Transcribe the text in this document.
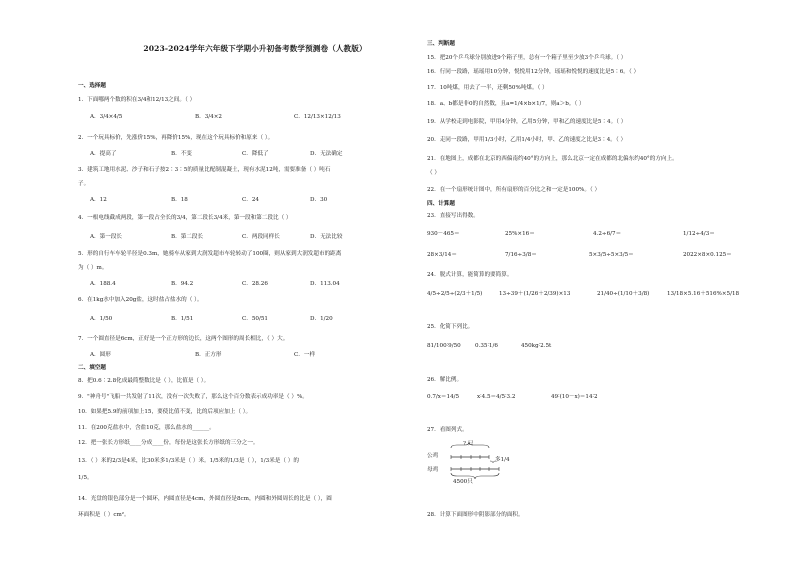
2023-2024学年六年级下学期小升初备考数学预测卷（人教版）
一、选择题
1．下面哪两个数的积在3/4和12/13之间。（ ）
A．3/4×4/5	B．3/4×2	C．12/13×12/13
2．一个玩具标价，先涨价15%，再降价15%，现在这个玩具标价和原来（ ）。
A．提高了	B．不变	C．降低了	D．无法确定
3．建筑工地用水泥、沙子和石子按2∶3∶5的质量比配制混凝土，现有水泥12吨，需要准备（ ）吨石
子。
A．12	B．18	C．24	D．30
4．一根电线截成两段，第一段占全长的3/4，第二段长3/4米，第一段和第二段比（ ）
A．第一段长	B．第二段长	C．两段同样长	D．无法比较
5．形的自行车车轮半径是0.3m，她骑车从家到大润发超市车轮转动了100圈，则从家到大润发超市的距离
为（ ）m。
A．188.4	B．94.2	C．28.26	D．113.04
6．在1kg水中加入20g盐，这时盐占盐水的（ ）。
A．1/50	B．1/51	C．50/51	D．1/20
7．一个圆直径是6cm，正好是一个正方形的边长，这两个图形的周长相比，（ ）大。
A．圆形	B．正方形	C．一样
二、填空题
8．把0.6∶2.8化成最简整数比是（ ），比值是（ ）。
9．"神舟号"飞船一共发射了11次，没有一次失败了，那么这个百分数表示成功率是（ ）%。
10．如果把5.9的前项加上15，要使比值不变，比的后项应加上（ ）。
11．在200克盐水中，含盐10克，那么盐水的______。
12．把一张长方形纸____分成____份，每份是这张长方形纸的三分之一。
13．（ ）米的2/3是4米，比30米多1/3米是（ ）米。1/5米的1/3是（ ），1/3米是（ ）的
1/5。
14．光盘的银色部分是一个圆环，内圆直径是4cm，外圆直径是8cm，内圆和外圆周长的比是（ ），圆
环面积是（ ）cm²。
三、判断题
15．把20个乒乓球分别放进9个箱子里，总有一个箱子里至少放3个乒乓球。（ ）
16．行同一段路，瑶瑶用10分钟，悦悦用12分钟，瑶瑶和悦悦的速度比是5∶6。（ ）
17．10吨煤，用去了一半，还剩50%吨煤。（ ）
18．a、b都是非0的自然数，且a=1/4×b×1/7，则a＞b。（ ）
19．从学校走到电影院，甲用4分钟，乙用5分钟，甲和乙的速度比是5∶4。（ ）
20．走同一段路，甲用1/3小时，乙用1/4小时，甲、乙的速度之比是3∶4。（ ）
21．在地图上，成都在北京的西偏南约40°的方向上，那么北京一定在成都的北偏东约40°的方向上。
（ ）
22．在一个扇形统计图中，所有扇形的百分比之和一定是100%。（ ）
四、计算题
23．直接写出得数。
930－465＝	25%×16＝	4.2÷6/7＝	1/12÷4/3＝
28×3/14＝	7/16÷3/8＝	5×3/5÷5×3/5＝	2022×8×0.125＝
24．脱式计算，能简算的要简算。
4/5÷2/5÷(2/3＋1/5)	13÷39＋(1/26＋2/39)×13	21/40÷(1/10＋3/8)	13/18×5.16＋516%×5/18
25．化简下列比。
81/100∶9/50	0.35∶1/6	450kg∶2.5t
26．解比例。
0.7/x＝14/5	x∶4.5＝4/5∶3.2	49∶(10－x)＝14∶2
27．看图列式。
? 只
公鸡
母鸡
多1/4
4500只
28．计算下面图形中阴影部分的面积。
